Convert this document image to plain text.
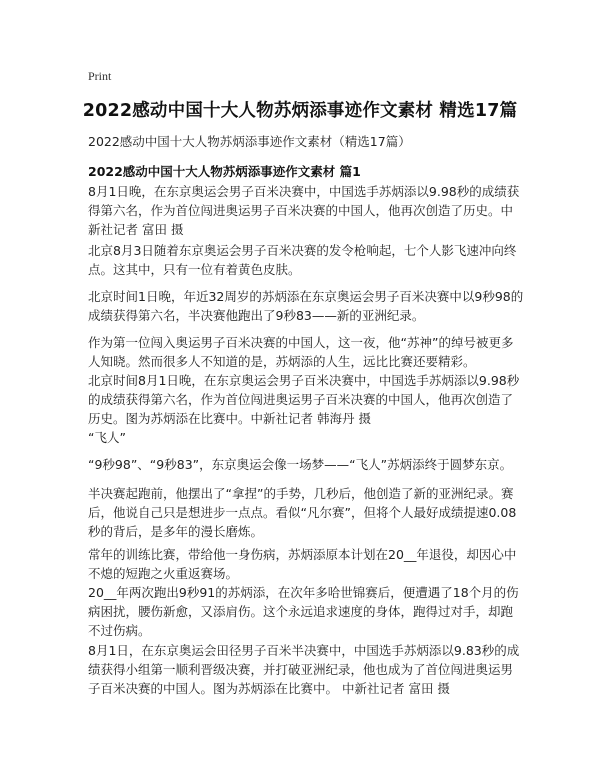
Print
2022感动中国十大人物苏炳添事迹作文素材 精选17篇
2022感动中国十大人物苏炳添事迹作文素材（精选17篇）
2022感动中国十大人物苏炳添事迹作文素材 篇1

8月1日晚，在东京奥运会男子百米决赛中，中国选手苏炳添以9.98秒的成绩获得第六名，作为首位闯进奥运男子百米决赛的中国人，他再次创造了历史。中新社记者 富田 摄

北京8月3日随着东京奥运会男子百米决赛的发令枪响起，七个人影飞速冲向终点。这其中，只有一位有着黄色皮肤。

北京时间1日晚，年近32周岁的苏炳添在东京奥运会男子百米决赛中以9秒98的成绩获得第六名，半决赛他跑出了9秒83——新的亚洲纪录。

作为第一位闯入奥运男子百米决赛的中国人，这一夜，他“苏神”的绰号被更多人知晓。然而很多人不知道的是，苏炳添的人生，远比比赛还要精彩。

北京时间8月1日晚，在东京奥运会男子百米决赛中，中国选手苏炳添以9.98秒的成绩获得第六名，作为首位闯进奥运男子百米决赛的中国人，他再次创造了历史。图为苏炳添在比赛中。中新社记者 韩海丹 摄

“飞人”

“9秒98”、“9秒83”，东京奥运会像一场梦——“飞人”苏炳添终于圆梦东京。

半决赛起跑前，他摆出了“拿捏”的手势，几秒后，他创造了新的亚洲纪录。赛后，他说自己只是想进步一点点。看似“凡尔赛”，但将个人最好成绩提速0.08秒的背后，是多年的漫长磨炼。

常年的训练比赛，带给他一身伤病，苏炳添原本计划在20__年退役，却因心中不熄的短跑之火重返赛场。

20__年两次跑出9秒91的苏炳添，在次年多哈世锦赛后，便遭遇了18个月的伤病困扰，腰伤新愈，又添肩伤。这个永远追求速度的身体，跑得过对手，却跑不过伤病。

8月1日，在东京奥运会田径男子百米半决赛中，中国选手苏炳添以9.83秒的成绩获得小组第一顺利晋级决赛，并打破亚洲纪录，他也成为了首位闯进奥运男子百米决赛的中国人。图为苏炳添在比赛中。 中新社记者 富田 摄
